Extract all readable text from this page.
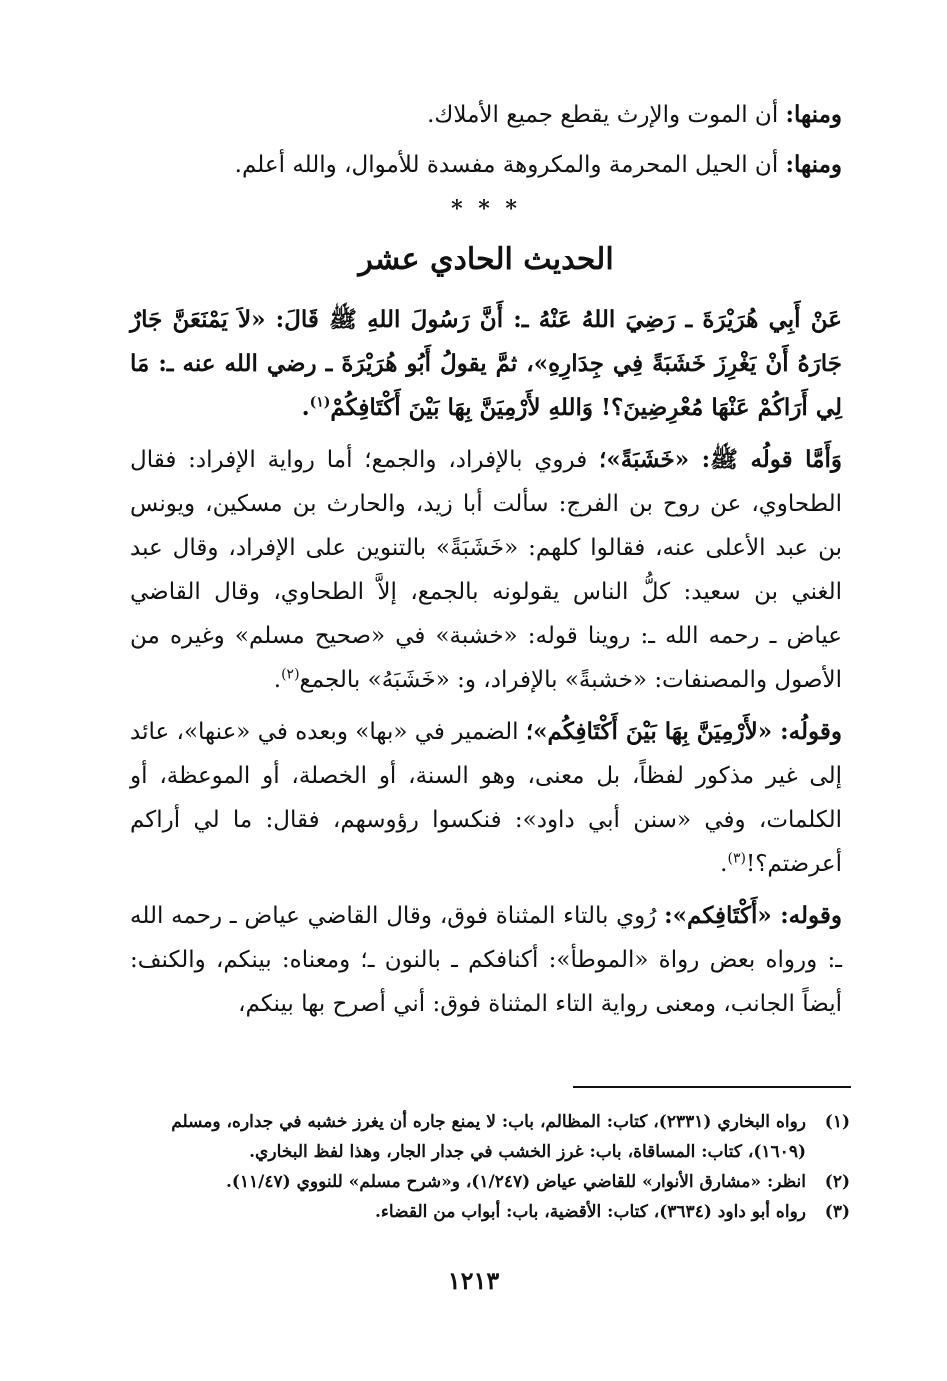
ومنها: أن الموت والإرث يقطع جميع الأملاك.

ومنها: أن الحيل المحرمة والمكروهة مفسدة للأموال، والله أعلم.

* * *
الحديث الحادي عشر

عَنْ أَبِي هُرَيْرَةَ ـ رَضِيَ اللهُ عَنْهُ ـ: أَنَّ رَسُولَ اللهِ ﷺ قَالَ: «لاَ يَمْنَعَنَّ جَارٌ جَارَهُ أَنْ يَغْرِزَ خَشَبَةً فِي جِدَارِهِ»، ثمَّ يقولُ أَبُو هُرَيْرَةَ ـ رضي الله عنه ـ: مَا لِي أَرَاكُمْ عَنْهَا مُعْرِضِينَ؟! وَاللهِ لأَرْمِيَنَّ بِهَا بَيْنَ أَكْتَافِكُمْ$^{(١)}$.

وَأَمَّا قولُه ﷺ: «خَشَبَةً»؛ فروي بالإفراد، والجمع؛ أما رواية الإفراد: فقال الطحاوي، عن روح بن الفرج: سألت أبا زيد، والحارث بن مسكين، ويونس بن عبد الأعلى عنه، فقالوا كلهم: «خَشَبَةً» بالتنوين على الإفراد، وقال عبد الغني بن سعيد: كلُّ الناس يقولونه بالجمع، إلاَّ الطحاوي، وقال القاضي عياض ـ رحمه الله ـ: روينا قوله: «خشبة» في «صحيح مسلم» وغيره من الأصول والمصنفات: «خشبةً» بالإفراد، و: «خَشَبَهُ» بالجمع$^{(٢)}$.

وقولُه: «لأَرْمِيَنَّ بِهَا بَيْنَ أَكْتَافِكُم»؛ الضمير في «بها» وبعده في «عنها»، عائد إلى غير مذكور لفظاً، بل معنى، وهو السنة، أو الخصلة، أو الموعظة، أو الكلمات، وفي «سنن أبي داود»: فنكسوا رؤوسهم، فقال: ما لي أراكم أعرضتم؟!$^{(٣)}$.

وقوله: «أَكْتَافِكم»: رُوي بالتاء المثناة فوق، وقال القاضي عياض ـ رحمه الله ـ: ورواه بعض رواة «الموطأ»: أكنافكم ـ بالنون ـ؛ ومعناه: بينكم، والكنف: أيضاً الجانب، ومعنى رواية التاء المثناة فوق: أني أصرح بها بينكم،

(١)
رواه البخاري (٢٣٣١)، كتاب: المظالم، باب: لا يمنع جاره أن يغرز خشبه في جداره، ومسلم (١٦٠٩)، كتاب: المساقاة، باب: غرز الخشب في جدار الجار، وهذا لفظ البخاري.
(٢)
انظر: «مشارق الأنوار» للقاضي عياض (١/٢٤٧)، و«شرح مسلم» للنووي (١١/٤٧).
(٣)
رواه أبو داود (٣٦٣٤)، كتاب: الأقضية، باب: أبواب من القضاء.
١٢١٣
